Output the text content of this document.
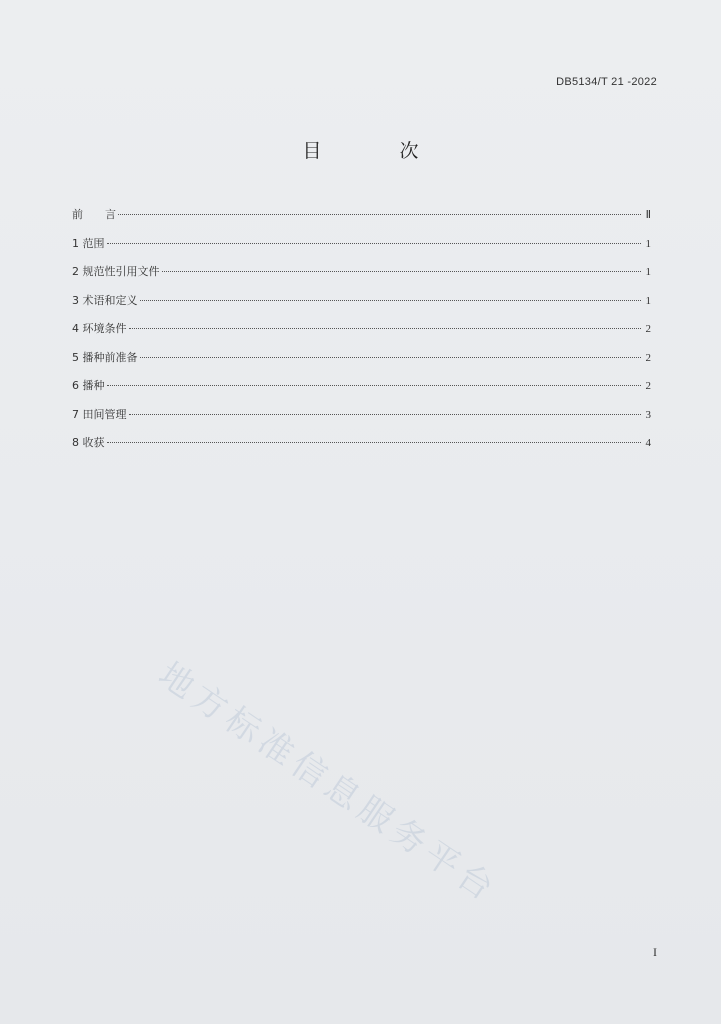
DB5134/T 21 -2022
目 次
前　　言	Ⅱ
1 范围	1
2 规范性引用文件	1
3 术语和定义	1
4 环境条件	2
5 播种前准备	2
6 播种	2
7 田间管理	3
8 收获	4
地方标准信息服务平台
I
